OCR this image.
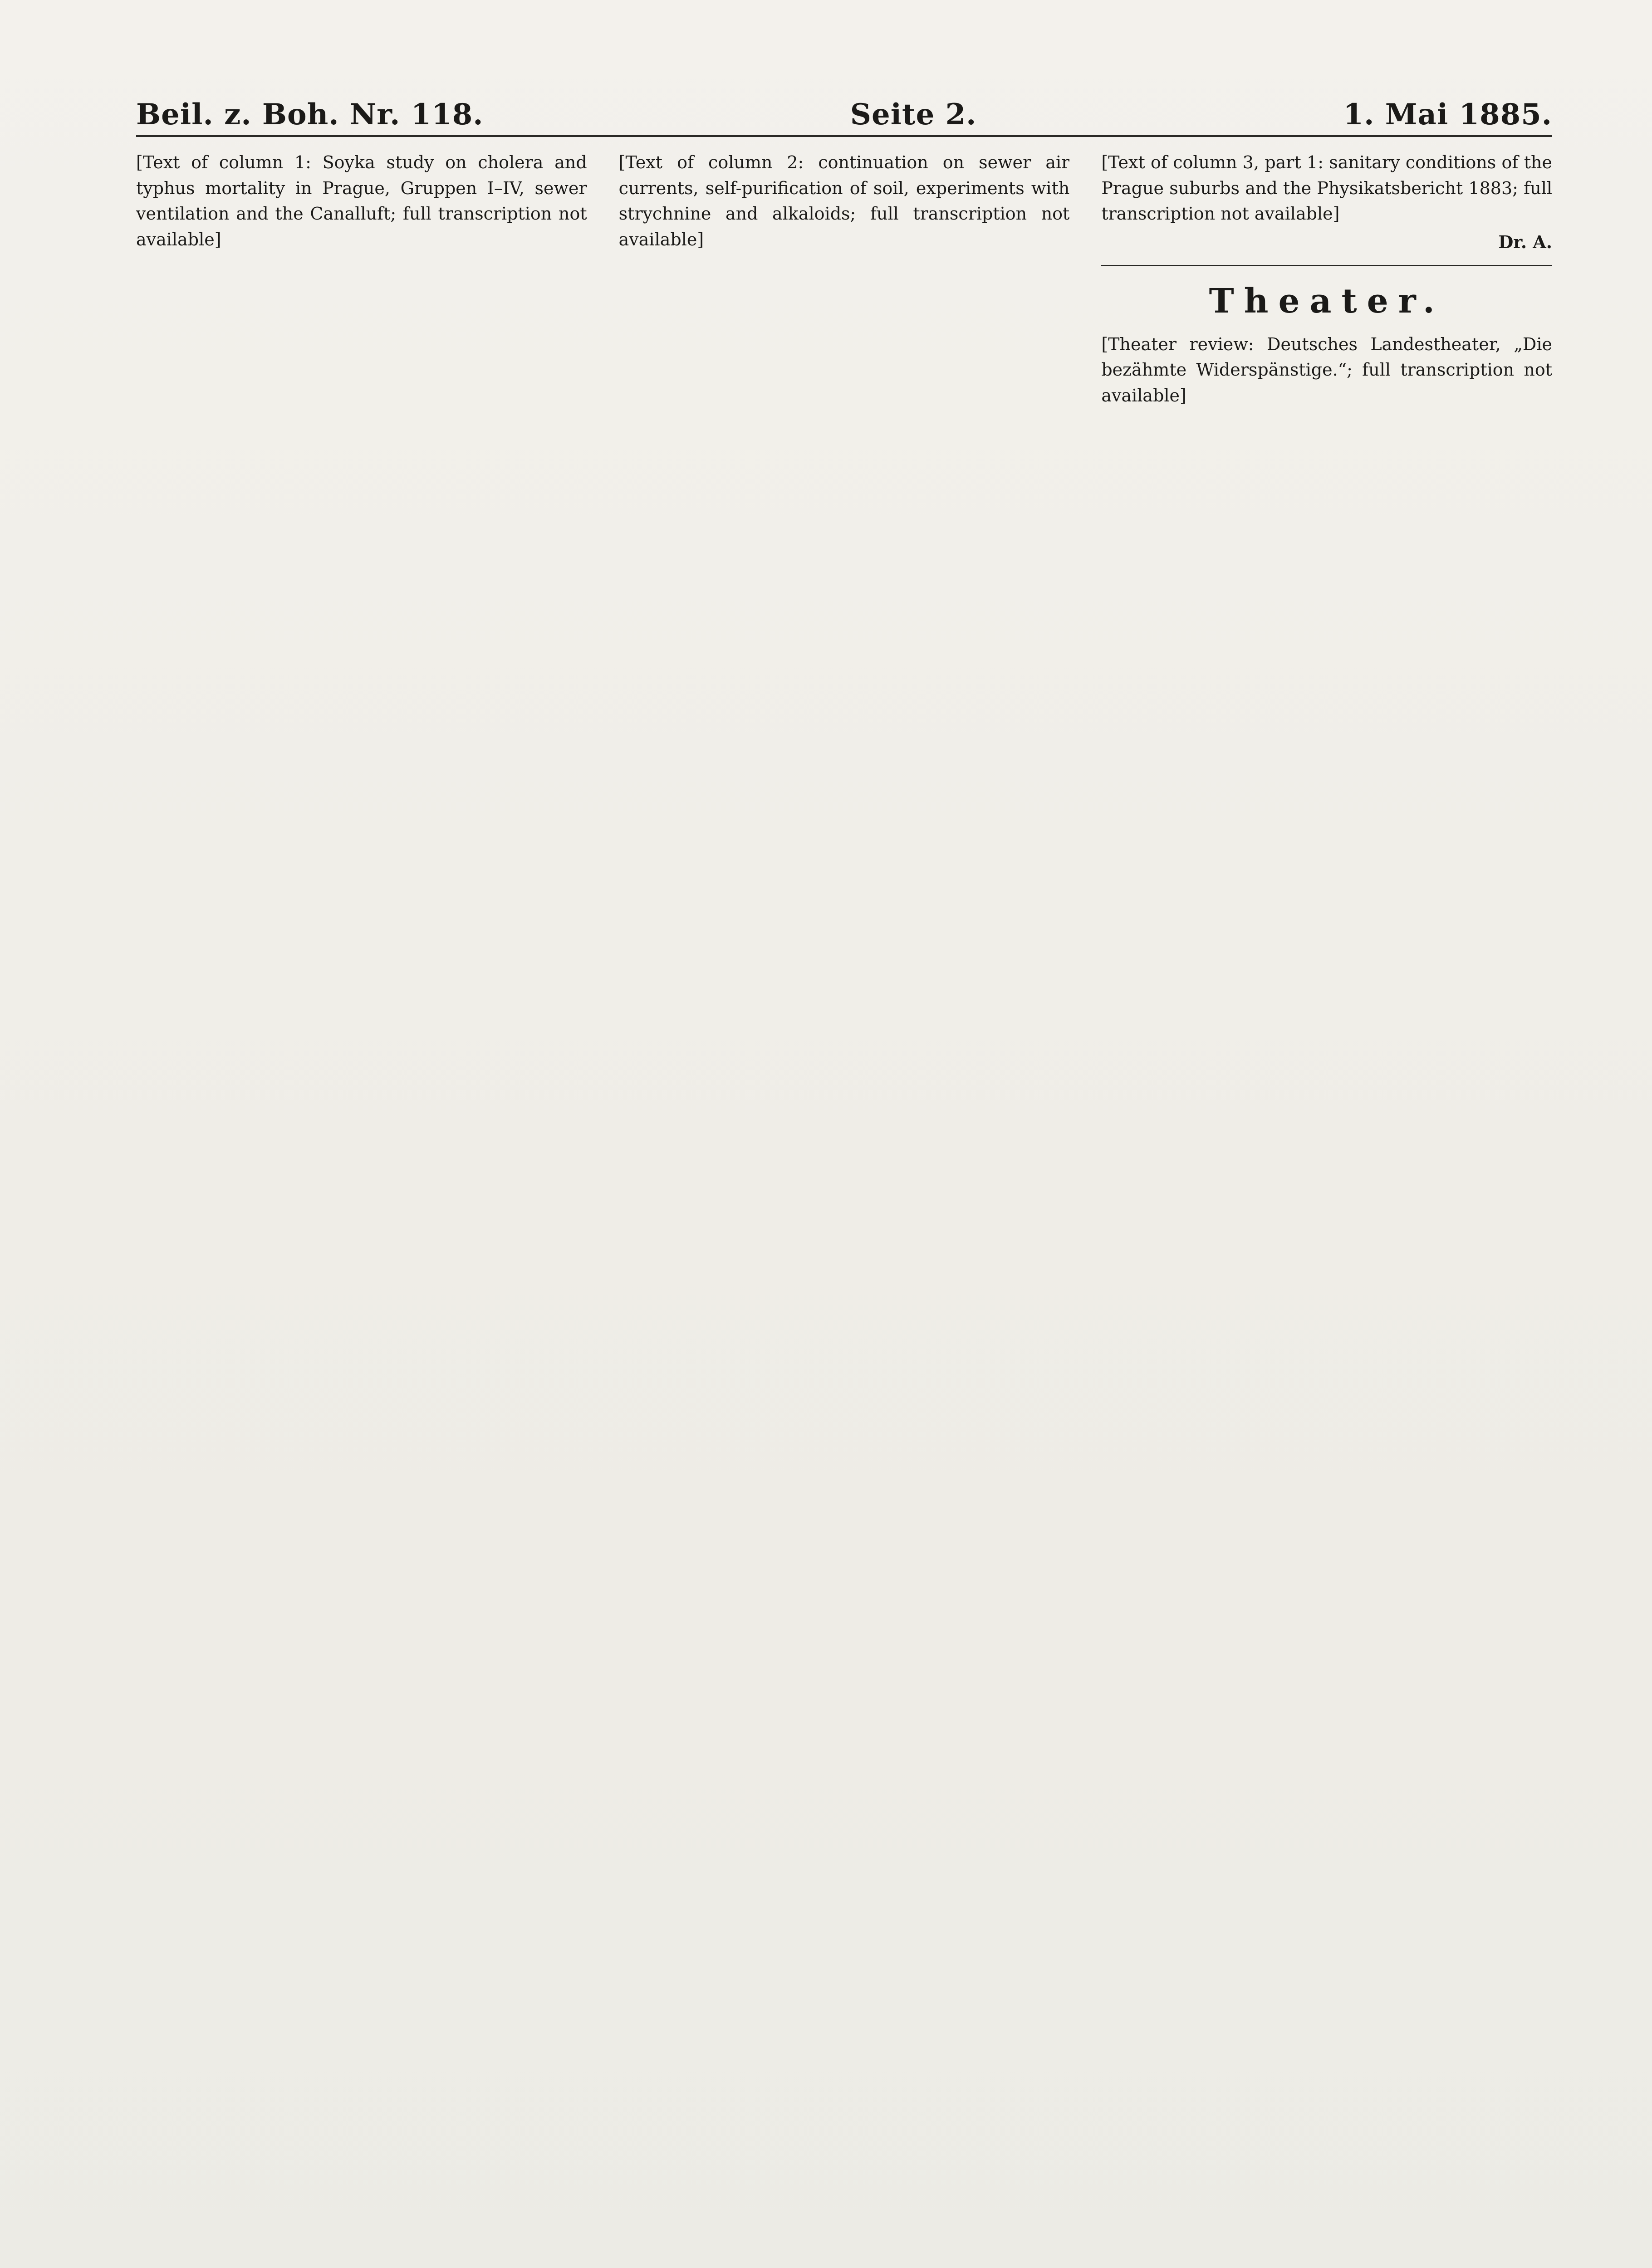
Beil. z. Boh. Nr. 118.	Seite 2.	1. Mai 1885.

[Text of column 1: Soyka study on cholera and typhus mortality in Prague, Gruppen I–IV, sewer ventilation and the Canalluft; full transcription not available]

[Text of column 2: continuation on sewer air currents, self-purification of soil, experiments with strychnine and alkaloids; full transcription not available]

[Text of column 3, part 1: sanitary conditions of the Prague suburbs and the Physikatsbericht 1883; full transcription not available]

Dr. A.

Theater.

[Theater review: Deutsches Landestheater, „Die bezähmte Widerspänstige.“; full transcription not available]
